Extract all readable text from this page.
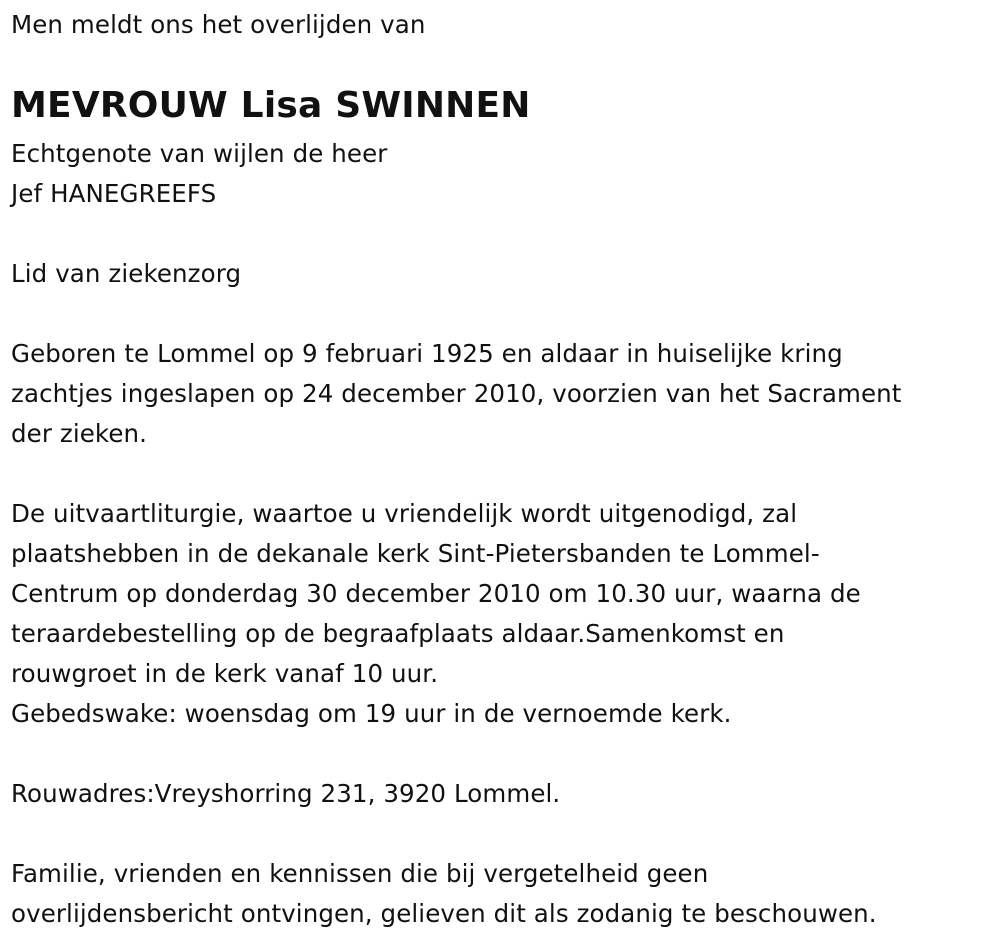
Men meldt ons het overlijden van
MEVROUW Lisa SWINNEN
Echtgenote van wijlen de heer
Jef HANEGREEFS
Lid van ziekenzorg
Geboren te Lommel op 9 februari 1925 en aldaar in huiselijke kring
zachtjes ingeslapen op 24 december 2010, voorzien van het Sacrament
der zieken.
De uitvaartliturgie, waartoe u vriendelijk wordt uitgenodigd, zal
plaatshebben in de dekanale kerk Sint-Pietersbanden te Lommel-
Centrum op donderdag 30 december 2010 om 10.30 uur, waarna de
teraardebestelling op de begraafplaats aldaar.Samenkomst en
rouwgroet in de kerk vanaf 10 uur.
Gebedswake: woensdag om 19 uur in de vernoemde kerk.
Rouwadres:Vreyshorring 231, 3920 Lommel.
Familie, vrienden en kennissen die bij vergetelheid geen
overlijdensbericht ontvingen, gelieven dit als zodanig te beschouwen.
